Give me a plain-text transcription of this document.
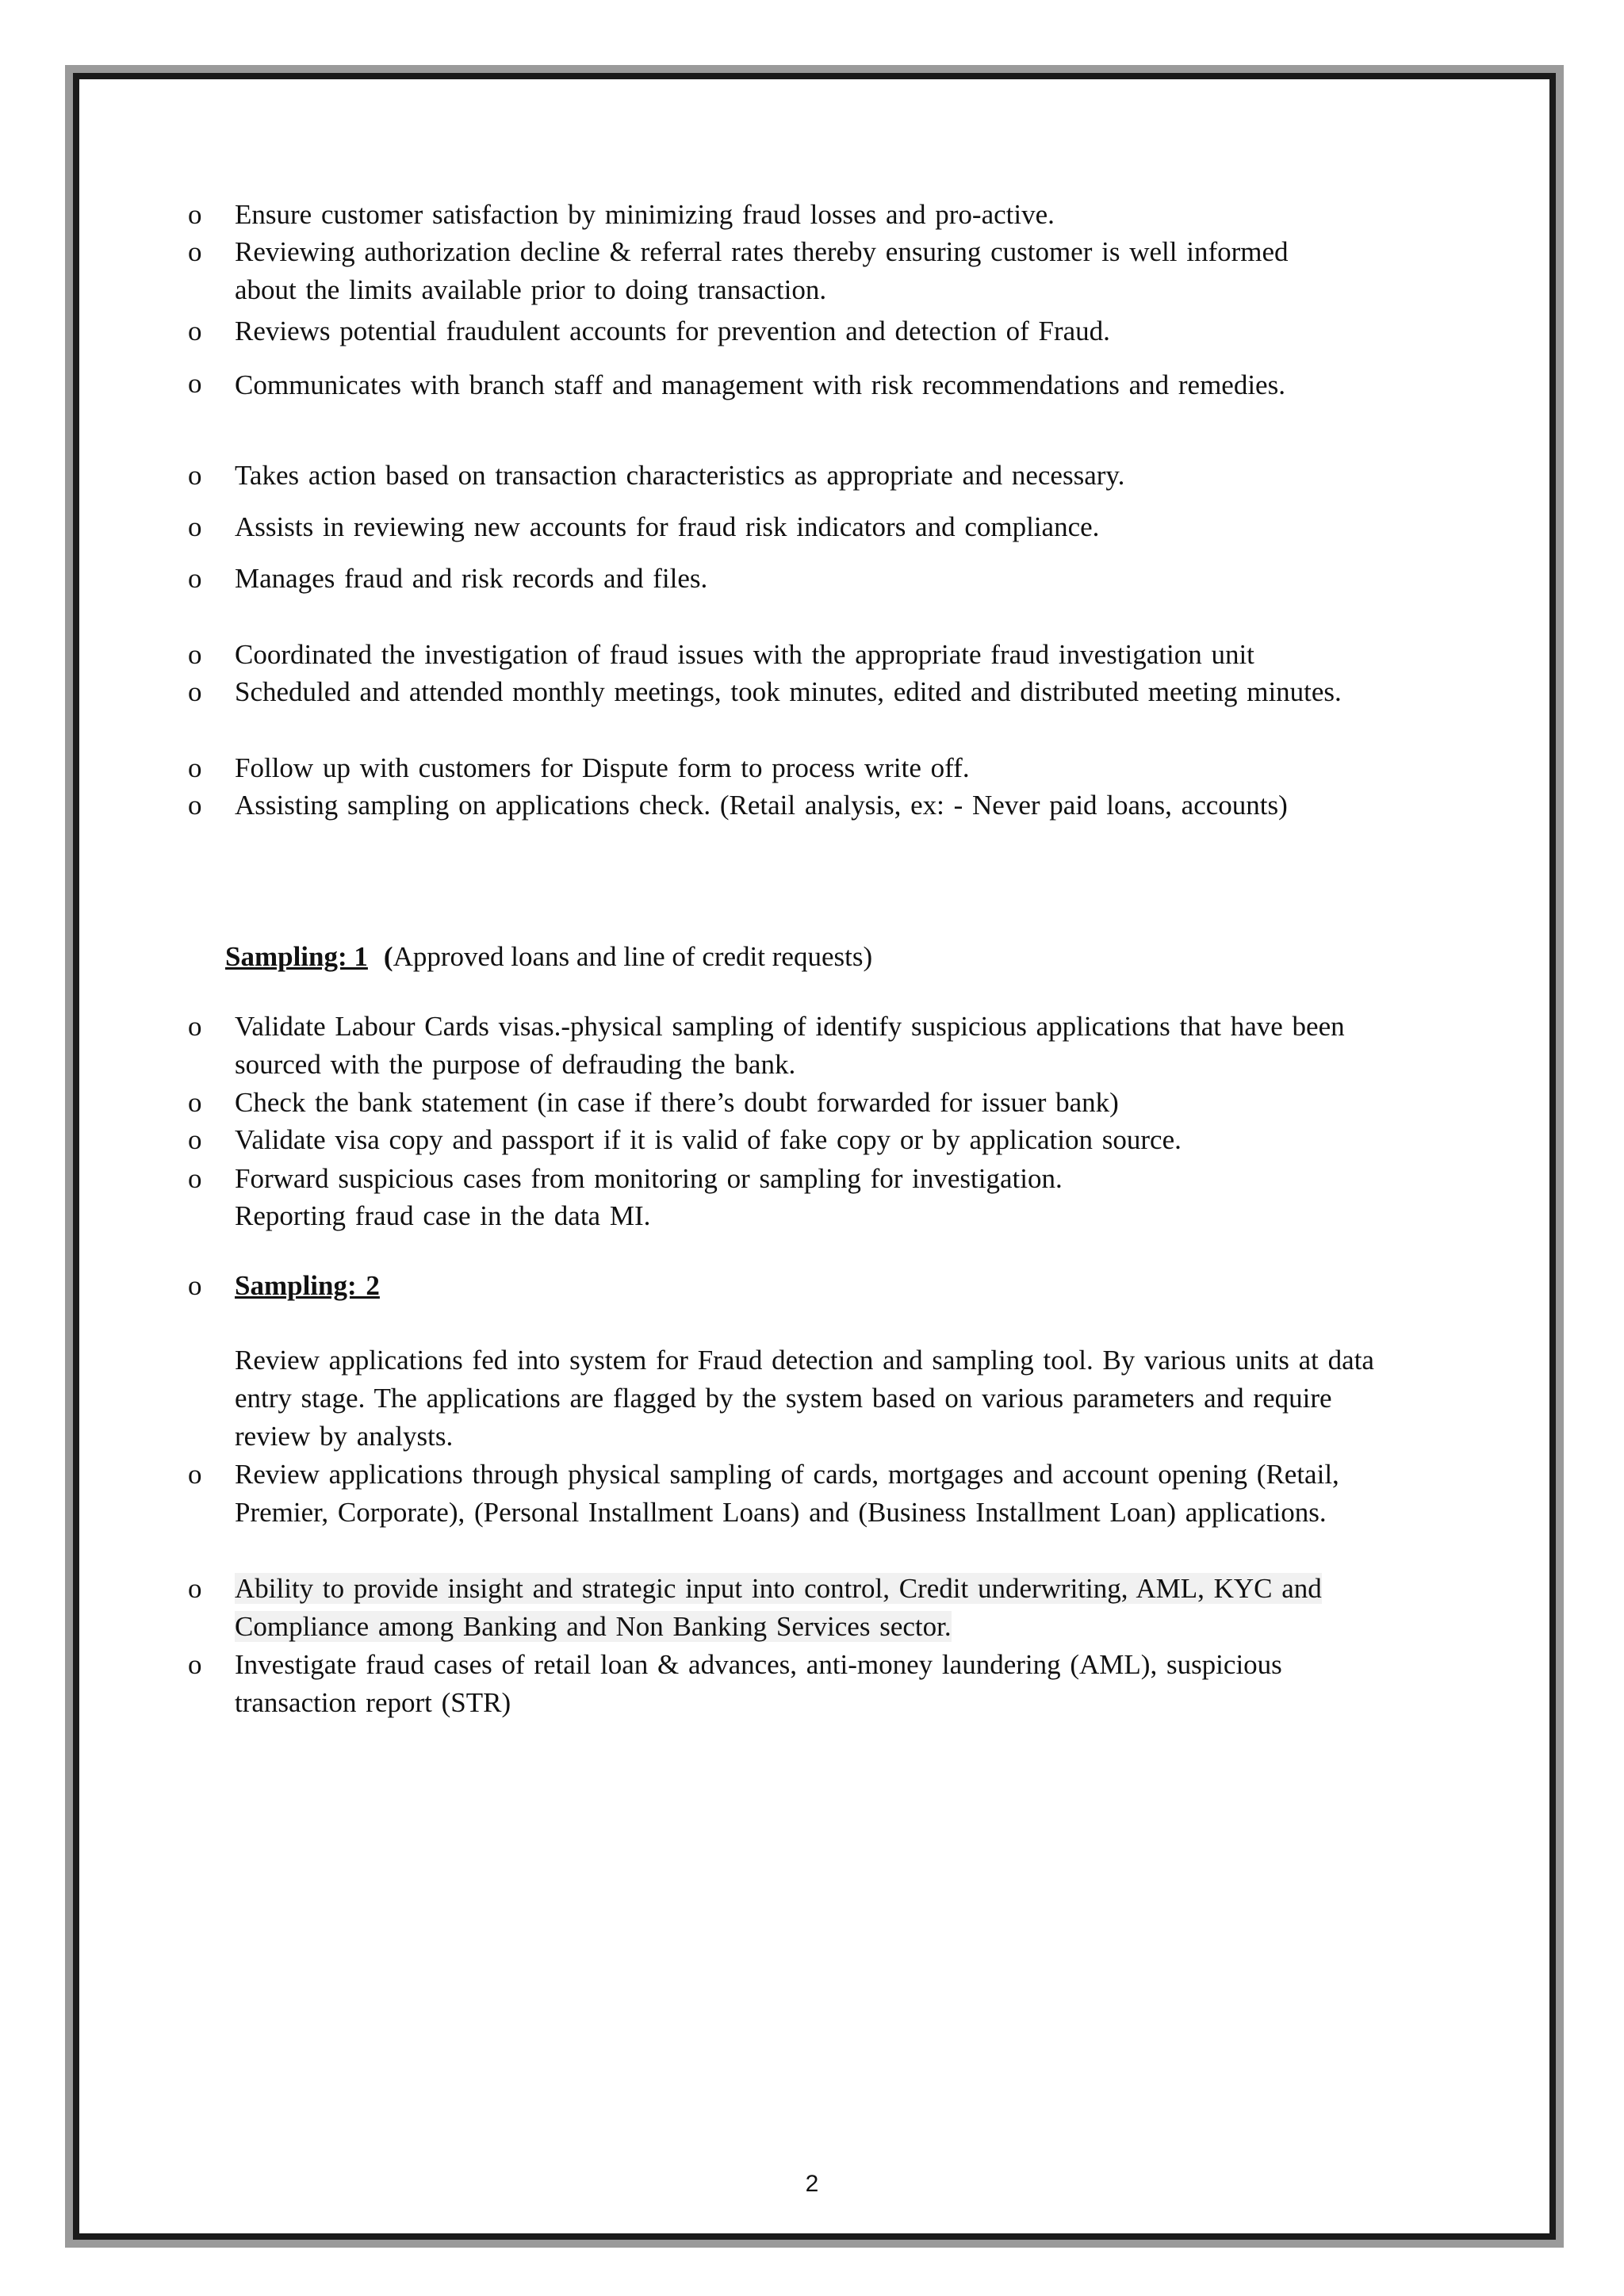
o Ensure customer satisfaction by minimizing fraud losses and pro-active.
o Reviewing authorization decline & referral rates thereby ensuring customer is well informed about the limits available prior to doing transaction.
o Reviews potential fraudulent accounts for prevention and detection of Fraud.
o Communicates with branch staff and management with risk recommendations and remedies.
o Takes action based on transaction characteristics as appropriate and necessary.
o Assists in reviewing new accounts for fraud risk indicators and compliance.
o Manages fraud and risk records and files.
o Coordinated the investigation of fraud issues with the appropriate fraud investigation unit
o Scheduled and attended monthly meetings, took minutes, edited and distributed meeting minutes.
o Follow up with customers for Dispute form to process write off.
o Assisting sampling on applications check. (Retail analysis, ex: - Never paid loans, accounts)
Sampling: 1 (Approved loans and line of credit requests)
o Validate Labour Cards visas.-physical sampling of identify suspicious applications that have been sourced with the purpose of defrauding the bank.
o Check the bank statement (in case if there’s doubt forwarded for issuer bank)
o Validate visa copy and passport if it is valid of fake copy or by application source.
o Forward suspicious cases from monitoring or sampling for investigation.
Reporting fraud case in the data MI.
o Sampling: 2
Review applications fed into system for Fraud detection and sampling tool. By various units at data entry stage. The applications are flagged by the system based on various parameters and require review by analysts.
o Review applications through physical sampling of cards, mortgages and account opening (Retail, Premier, Corporate), (Personal Installment Loans) and (Business Installment Loan) applications.
o Ability to provide insight and strategic input into control, Credit underwriting, AML, KYC and Compliance among Banking and Non Banking Services sector.
o Investigate fraud cases of retail loan & advances, anti-money laundering (AML), suspicious transaction report (STR)
2
